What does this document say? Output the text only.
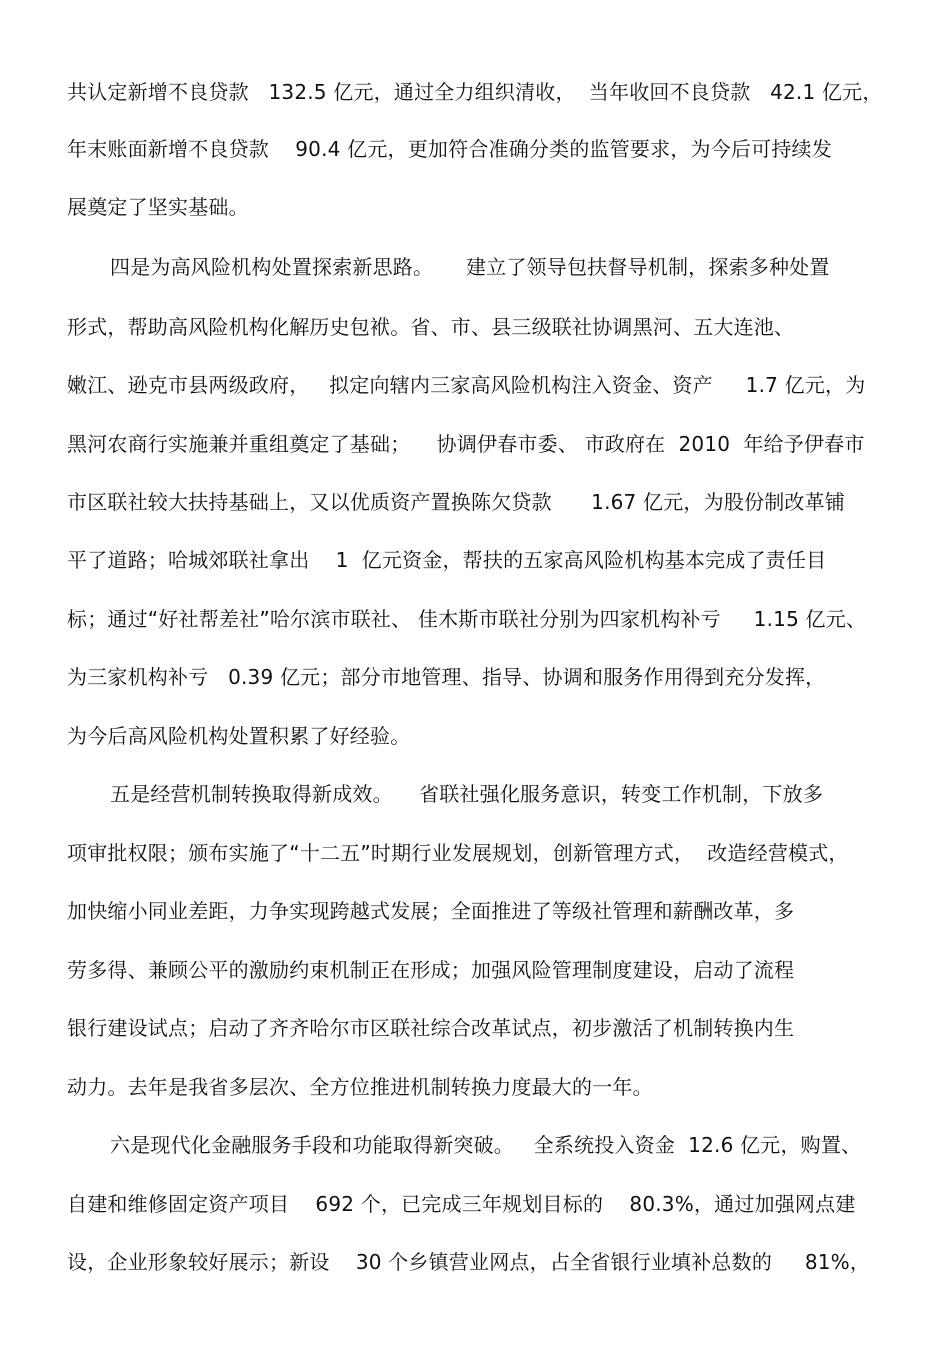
共认定新增不良贷款   132.5 亿元，通过全力组织清收，  当年收回不良贷款   42.1 亿元，
年末账面新增不良贷款    90.4 亿元，更加符合准确分类的监管要求，为今后可持续发
展奠定了坚实基础。
四是为高风险机构处置探索新思路。     建立了领导包扶督导机制，探索多种处置
形式，帮助高风险机构化解历史包袱。省、市、县三级联社协调黑河、五大连池、
嫩江、逊克市县两级政府，   拟定向辖内三家高风险机构注入资金、资产     1.7 亿元，为
黑河农商行实施兼并重组奠定了基础；    协调伊春市委、 市政府在  2010  年给予伊春市
市区联社较大扶持基础上，又以优质资产置换陈欠贷款      1.67 亿元，为股份制改革铺
平了道路；哈城郊联社拿出    1  亿元资金，帮扶的五家高风险机构基本完成了责任目
标；通过“好社帮差社”哈尔滨市联社、 佳木斯市联社分别为四家机构补亏     1.15 亿元、
为三家机构补亏   0.39 亿元；部分市地管理、指导、协调和服务作用得到充分发挥，
为今后高风险机构处置积累了好经验。
五是经营机制转换取得新成效。    省联社强化服务意识，转变工作机制，下放多
项审批权限；颁布实施了“十二五”时期行业发展规划，创新管理方式，  改造经营模式，
加快缩小同业差距，力争实现跨越式发展；全面推进了等级社管理和薪酬改革，多
劳多得、兼顾公平的激励约束机制正在形成；加强风险管理制度建设，启动了流程
银行建设试点；启动了齐齐哈尔市区联社综合改革试点，初步激活了机制转换内生
动力。去年是我省多层次、全方位推进机制转换力度最大的一年。
六是现代化金融服务手段和功能取得新突破。   全系统投入资金  12.6 亿元，购置、
自建和维修固定资产项目    692 个，已完成三年规划目标的    80.3%，通过加强网点建
设，企业形象较好展示；新设    30 个乡镇营业网点，占全省银行业填补总数的     81%，
